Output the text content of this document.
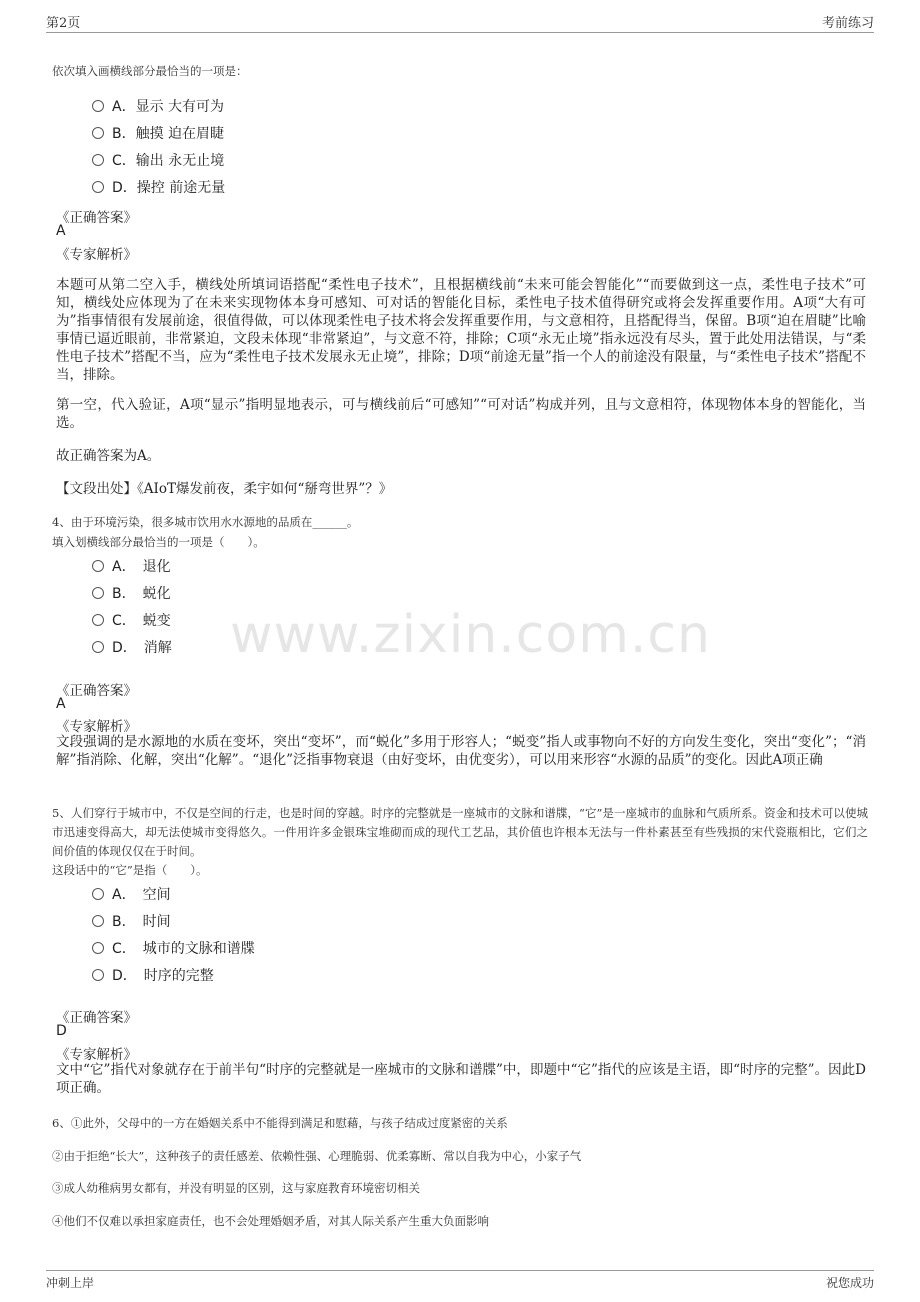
第2页	考前练习
www.zixin.com.cn
依次填入画横线部分最恰当的一项是：
A．显示 大有可为
B．触摸 迫在眉睫
C．输出 永无止境
D．操控 前途无量
《正确答案》
A
《专家解析》

本题可从第二空入手，横线处所填词语搭配“柔性电子技术”，且根据横线前“未来可能会智能化”“而要做到这一点，柔性电子技术”可知，横线处应体现为了在未来实现物体本身可感知、可对话的智能化目标，柔性电子技术值得研究或将会发挥重要作用。A项“大有可为”指事情很有发展前途，很值得做，可以体现柔性电子技术将会发挥重要作用，与文意相符，且搭配得当，保留。B项“迫在眉睫”比喻事情已逼近眼前，非常紧迫，文段未体现“非常紧迫”，与文意不符，排除；C项“永无止境”指永远没有尽头，置于此处用法错误，与“柔性电子技术”搭配不当，应为“柔性电子技术发展永无止境”，排除；D项“前途无量”指一个人的前途没有限量，与“柔性电子技术”搭配不当，排除。

第一空，代入验证，A项“显示”指明显地表示，可与横线前后“可感知”“可对话”构成并列，且与文意相符，体现物体本身的智能化，当选。

故正确答案为A。

【文段出处】《AIoT爆发前夜，柔宇如何“掰弯世界”？》

4、由于环境污染，很多城市饮用水水源地的品质在______。
填入划横线部分最恰当的一项是（　　）。
A．　退化
B．　蜕化
C．　蜕变
D．　消解
《正确答案》
A
《专家解析》

文段强调的是水源地的水质在变坏，突出“变坏”，而“蜕化”多用于形容人；“蜕变”指人或事物向不好的方向发生变化，突出“变化”；“消解”指消除、化解，突出“化解”。“退化”泛指事物衰退（由好变坏，由优变劣），可以用来形容“水源的品质”的变化。因此A项正确

5、人们穿行于城市中，不仅是空间的行走，也是时间的穿越。时序的完整就是一座城市的文脉和谱牒，“它”是一座城市的血脉和气质所系。资金和技术可以使城市迅速变得高大，却无法使城市变得悠久。一件用许多金银珠宝堆砌而成的现代工艺品，其价值也许根本无法与一件朴素甚至有些残损的宋代瓷瓶相比，它们之间价值的体现仅仅在于时间。

这段话中的“它”是指（　　）。
A．　空间
B．　时间
C．　城市的文脉和谱牒
D．　时序的完整
《正确答案》
D
《专家解析》

文中“它”指代对象就存在于前半句“时序的完整就是一座城市的文脉和谱牒”中，即题中“它”指代的应该是主语，即“时序的完整”。因此D项正确。

6、①此外，父母中的一方在婚姻关系中不能得到满足和慰藉，与孩子结成过度紧密的关系
②由于拒绝“长大”，这种孩子的责任感差、依赖性强、心理脆弱、优柔寡断、常以自我为中心，小家子气
③成人幼稚病男女都有，并没有明显的区别，这与家庭教育环境密切相关
④他们不仅难以承担家庭责任，也不会处理婚姻矛盾，对其人际关系产生重大负面影响
冲刺上岸	祝您成功
